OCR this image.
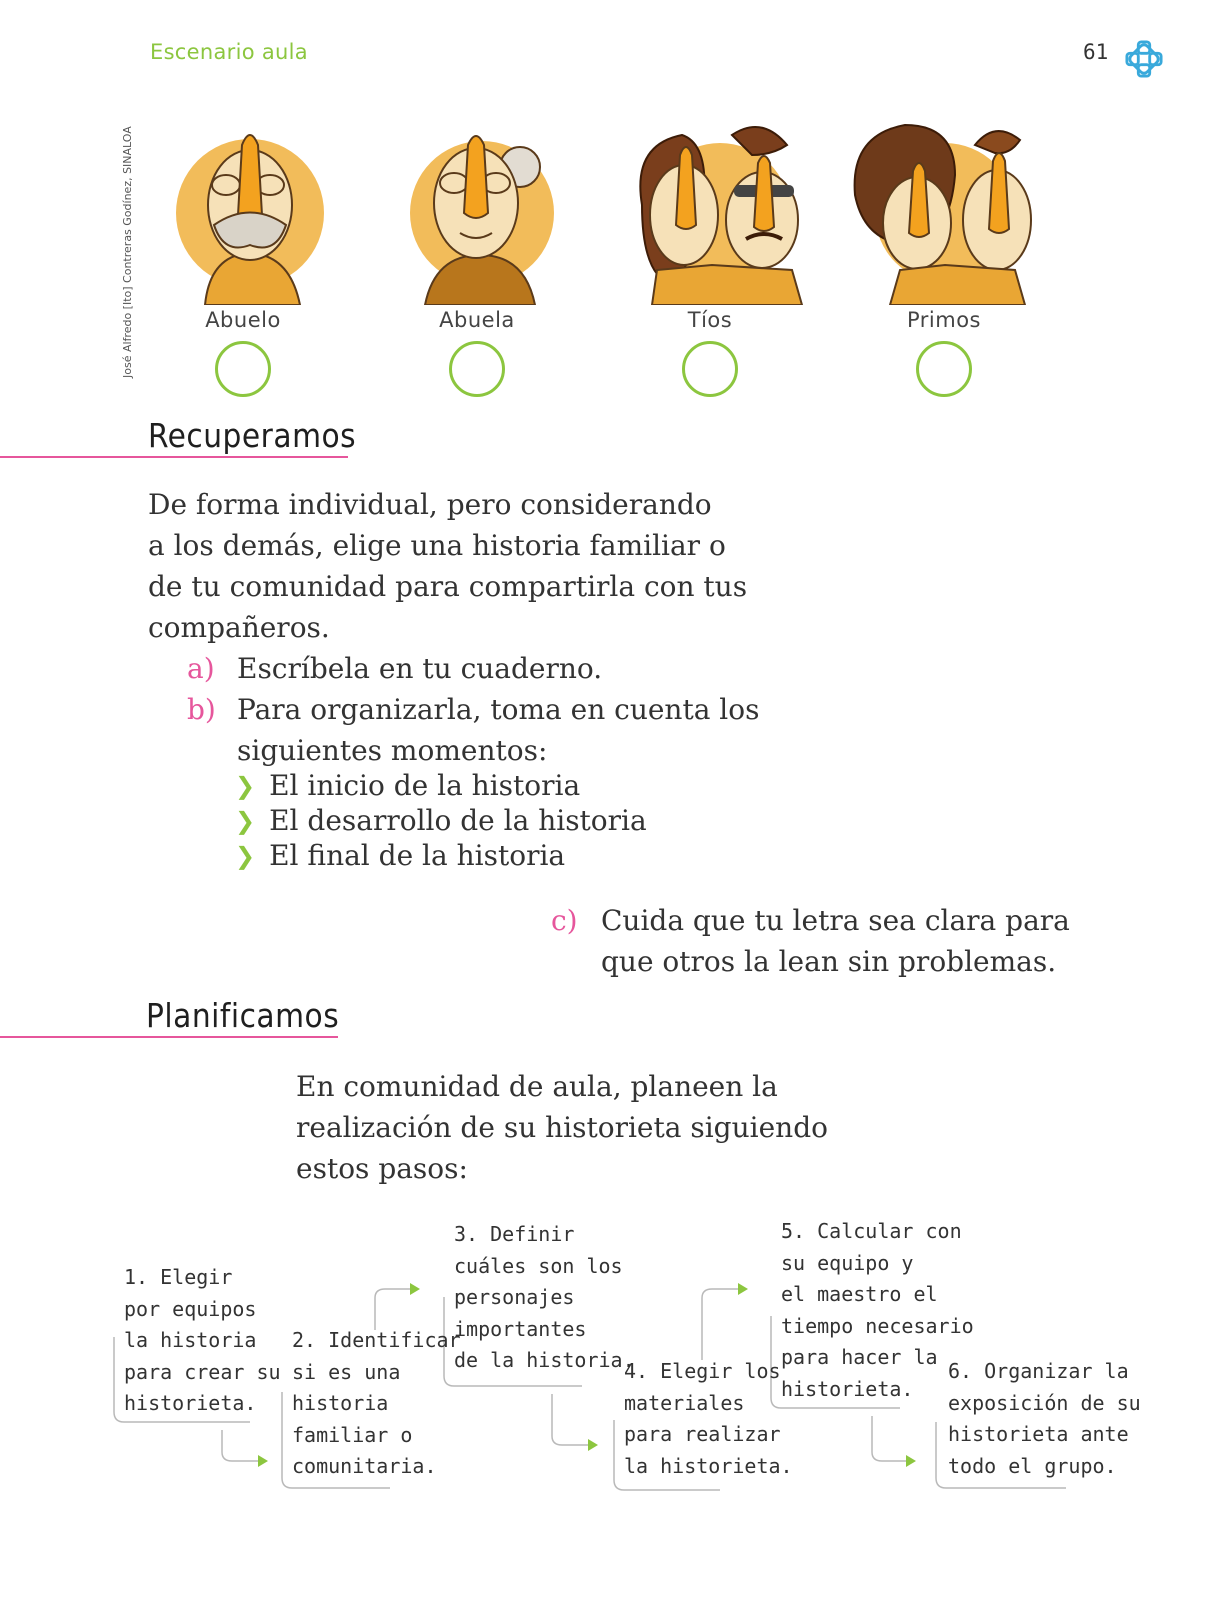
Escenario aula	61
José Alfredo [Ito] Contreras Godínez, SINALOA	Abuelo	Abuela	Tíos	Primos
Recuperamos
De forma individual, pero considerando
a los demás, elige una historia familiar o
de tu comunidad para compartirla con tus
compañeros.
a) Escríbela en tu cuaderno.
b) Para organizarla, toma en cuenta los
siguientes momentos:
❯ El inicio de la historia
❯ El desarrollo de la historia
❯ El final de la historia
c) Cuida que tu letra sea clara para
que otros la lean sin problemas.
Planificamos
En comunidad de aula, planeen la
realización de su historieta siguiendo
estos pasos:
1. Elegir
por equipos
la historia
para crear su
historieta.
2. Identificar
si es una
historia
familiar o
comunitaria.
3. Definir
cuáles son los
personajes
importantes
de la historia.
4. Elegir los
materiales
para realizar
la historieta.
5. Calcular con
su equipo y
el maestro el
tiempo necesario
para hacer la
historieta.
6. Organizar la
exposición de su
historieta ante
todo el grupo.
